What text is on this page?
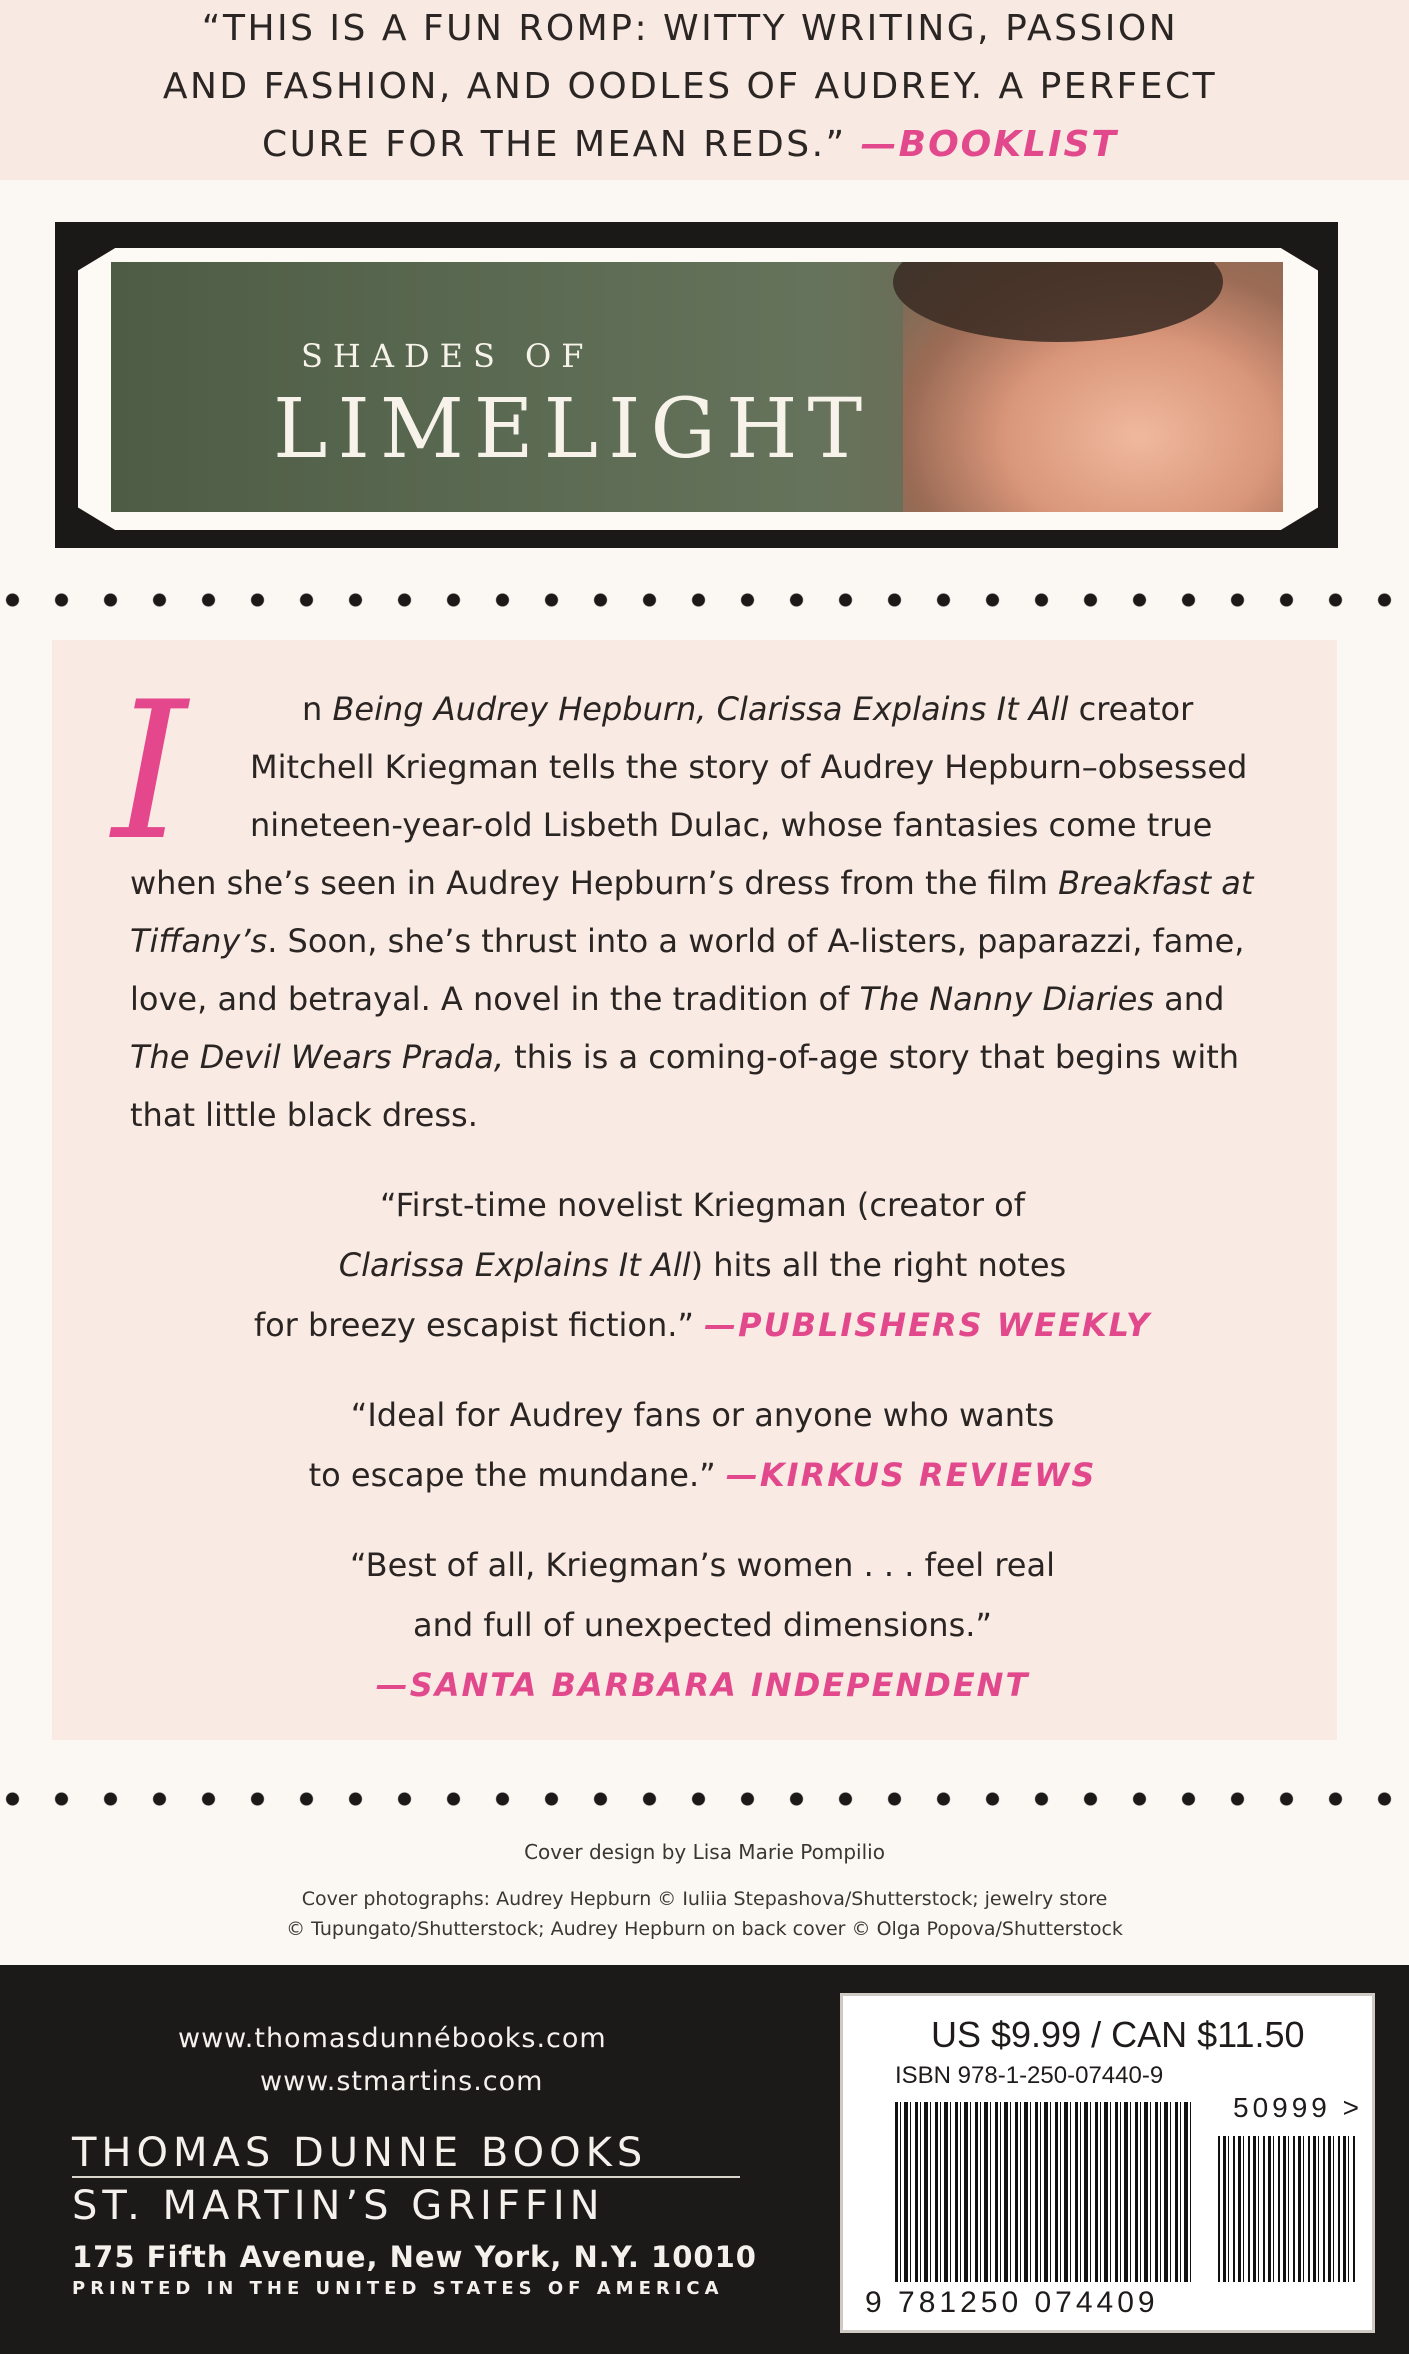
“THIS IS A FUN ROMP: WITTY WRITING, PASSION
AND FASHION, AND OODLES OF AUDREY. A PERFECT
CURE FOR THE MEAN REDS.” —BOOKLIST
SHADES OF
LIMELIGHT
I	n Being Audrey Hepburn, Clarissa Explains It All creator
Mitchell Kriegman tells the story of Audrey Hepburn–obsessed
nineteen-year-old Lisbeth Dulac, whose fantasies come true
when she’s seen in Audrey Hepburn’s dress from the film Breakfast at
Tiffany’s. Soon, she’s thrust into a world of A-listers, paparazzi, fame,
love, and betrayal. A novel in the tradition of The Nanny Diaries and
The Devil Wears Prada, this is a coming-of-age story that begins with
that little black dress.
“First-time novelist Kriegman (creator of
Clarissa Explains It All) hits all the right notes
for breezy escapist fiction.” —PUBLISHERS WEEKLY
“Ideal for Audrey fans or anyone who wants
to escape the mundane.” —KIRKUS REVIEWS
“Best of all, Kriegman’s women . . . feel real
and full of unexpected dimensions.”
—SANTA BARBARA INDEPENDENT
Cover design by Lisa Marie Pompilio
Cover photographs: Audrey Hepburn © Iuliia Stepashova/Shutterstock; jewelry store
© Tupungato/Shutterstock; Audrey Hepburn on back cover © Olga Popova/Shutterstock
www.thomasdunnébooks.com
www.stmartins.com
THOMAS DUNNE BOOKS
ST. MARTIN’S GRIFFIN
175 Fifth Avenue, New York, N.Y. 10010
PRINTED IN THE UNITED STATES OF AMERICA
US $9.99 / CAN $11.50
ISBN 978-1-250-07440-9
50999 >
9 781250 074409
